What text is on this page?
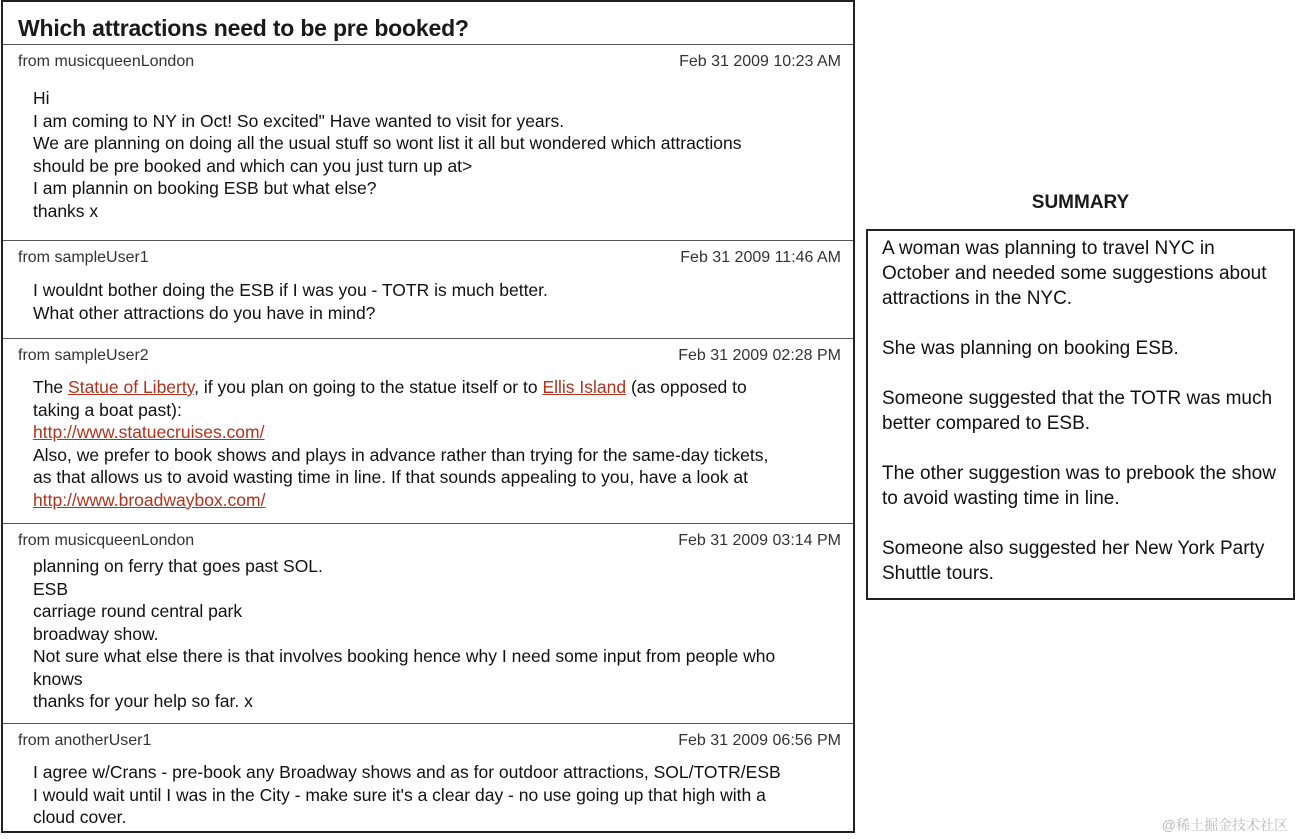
Which attractions need to be pre booked?
from musicqueenLondon	Feb 31 2009 10:23 AM
Hi
I am coming to NY in Oct! So excited" Have wanted to visit for years.
We are planning on doing all the usual stuff so wont list it all but wondered which attractions
should be pre booked and which can you just turn up at>
I am plannin on booking ESB but what else?
thanks x
from sampleUser1	Feb 31 2009 11:46 AM
I wouldnt bother doing the ESB if I was you - TOTR is much better.
What other attractions do you have in mind?
from sampleUser2	Feb 31 2009 02:28 PM
The Statue of Liberty, if you plan on going to the statue itself or to Ellis Island (as opposed to
taking a boat past):
http://www.statuecruises.com/
Also, we prefer to book shows and plays in advance rather than trying for the same-day tickets,
as that allows us to avoid wasting time in line. If that sounds appealing to you, have a look at
http://www.broadwaybox.com/
from musicqueenLondon	Feb 31 2009 03:14 PM
planning on ferry that goes past SOL.
ESB
carriage round central park
broadway show.
Not sure what else there is that involves booking hence why I need some input from people who
knows
thanks for your help so far. x
from anotherUser1	Feb 31 2009 06:56 PM
I agree w/Crans - pre-book any Broadway shows and as for outdoor attractions, SOL/TOTR/ESB
I would wait until I was in the City - make sure it's a clear day - no use going up that high with a
cloud cover.
SUMMARY

A woman was planning to travel NYC in October and needed some suggestions about attractions in the NYC.

She was planning on booking ESB.

Someone suggested that the TOTR was much better compared to ESB.

The other suggestion was to prebook the show to avoid wasting time in line.

Someone also suggested her New York Party Shuttle tours.

@稀土掘金技术社区
